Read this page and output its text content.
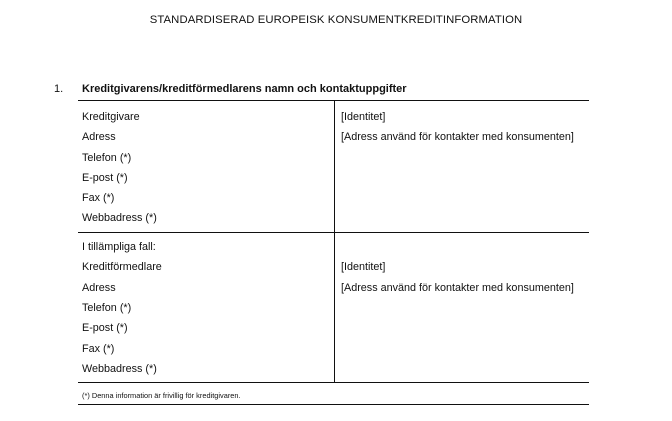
STANDARDISERAD EUROPEISK KONSUMENTKREDITINFORMATION
1. Kreditgivarens/kreditförmedlarens namn och kontaktuppgifter
Kreditgivare
Adress
Telefon (*)
E-post (*)
Fax (*)
Webbadress (*)
[Identitet]
[Adress använd för kontakter med konsumenten]
I tillämpliga fall:
Kreditförmedlare
Adress
Telefon (*)
E-post (*)
Fax (*)
Webbadress (*)
[Identitet]
[Adress använd för kontakter med konsumenten]
(*) Denna information är frivillig för kreditgivaren.
